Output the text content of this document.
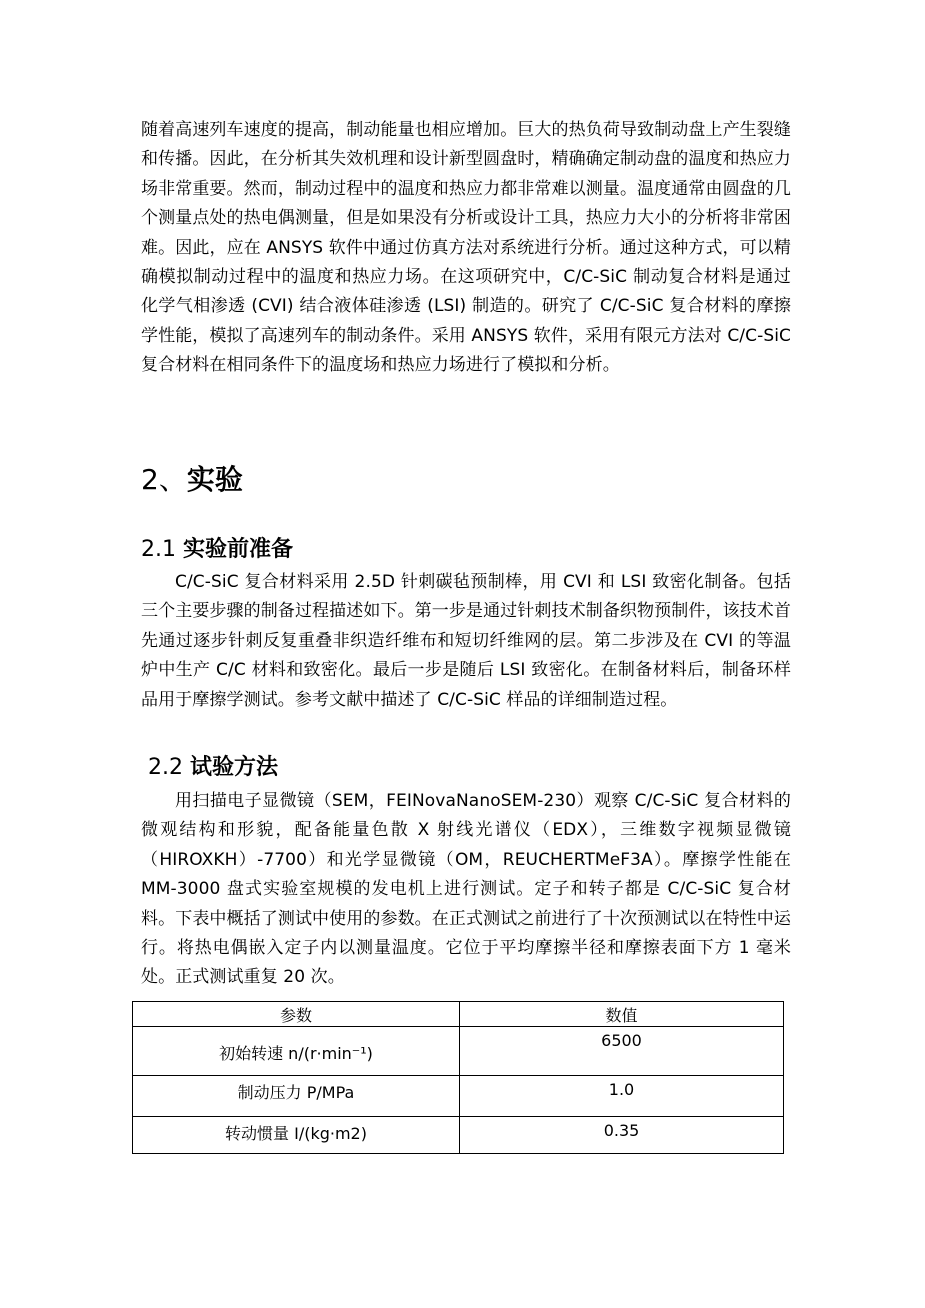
随着高速列车速度的提高，制动能量也相应增加。巨大的热负荷导致制动盘上产生裂缝和传播。因此，在分析其失效机理和设计新型圆盘时，精确确定制动盘的温度和热应力场非常重要。然而，制动过程中的温度和热应力都非常难以测量。温度通常由圆盘的几个测量点处的热电偶测量，但是如果没有分析或设计工具，热应力大小的分析将非常困难。因此，应在 ANSYS 软件中通过仿真方法对系统进行分析。通过这种方式，可以精确模拟制动过程中的温度和热应力场。在这项研究中，C/C-SiC 制动复合材料是通过化学气相渗透 (CVI) 结合液体硅渗透 (LSI) 制造的。研究了 C/C-SiC 复合材料的摩擦学性能，模拟了高速列车的制动条件。采用 ANSYS 软件，采用有限元方法对 C/C-SiC 复合材料在相同条件下的温度场和热应力场进行了模拟和分析。

2、实验
2.1 实验前准备

C/C-SiC 复合材料采用 2.5D 针刺碳毡预制棒，用 CVI 和 LSI 致密化制备。包括三个主要步骤的制备过程描述如下。第一步是通过针刺技术制备织物预制件，该技术首先通过逐步针刺反复重叠非织造纤维布和短切纤维网的层。第二步涉及在 CVI 的等温炉中生产 C/C 材料和致密化。最后一步是随后 LSI 致密化。在制备材料后，制备环样品用于摩擦学测试。参考文献中描述了 C/C-SiC 样品的详细制造过程。

2.2 试验方法

用扫描电子显微镜（SEM，FEINovaNanoSEM-230）观察 C/C-SiC 复合材料的微观结构和形貌，配备能量色散 X 射线光谱仪（EDX），三维数字视频显微镜（HIROXKH）-7700）和光学显微镜（OM，REUCHERTMeF3A）。摩擦学性能在 MM-3000 盘式实验室规模的发电机上进行测试。定子和转子都是 C/C-SiC 复合材料。下表中概括了测试中使用的参数。在正式测试之前进行了十次预测试以在特性中运行。将热电偶嵌入定子内以测量温度。它位于平均摩擦半径和摩擦表面下方 1 毫米处。正式测试重复 20 次。

参数	数值
初始转速 n/(r·min⁻¹)	6500
制动压力 P/MPa	1.0
转动惯量 I/(kg·m2)	0.35
